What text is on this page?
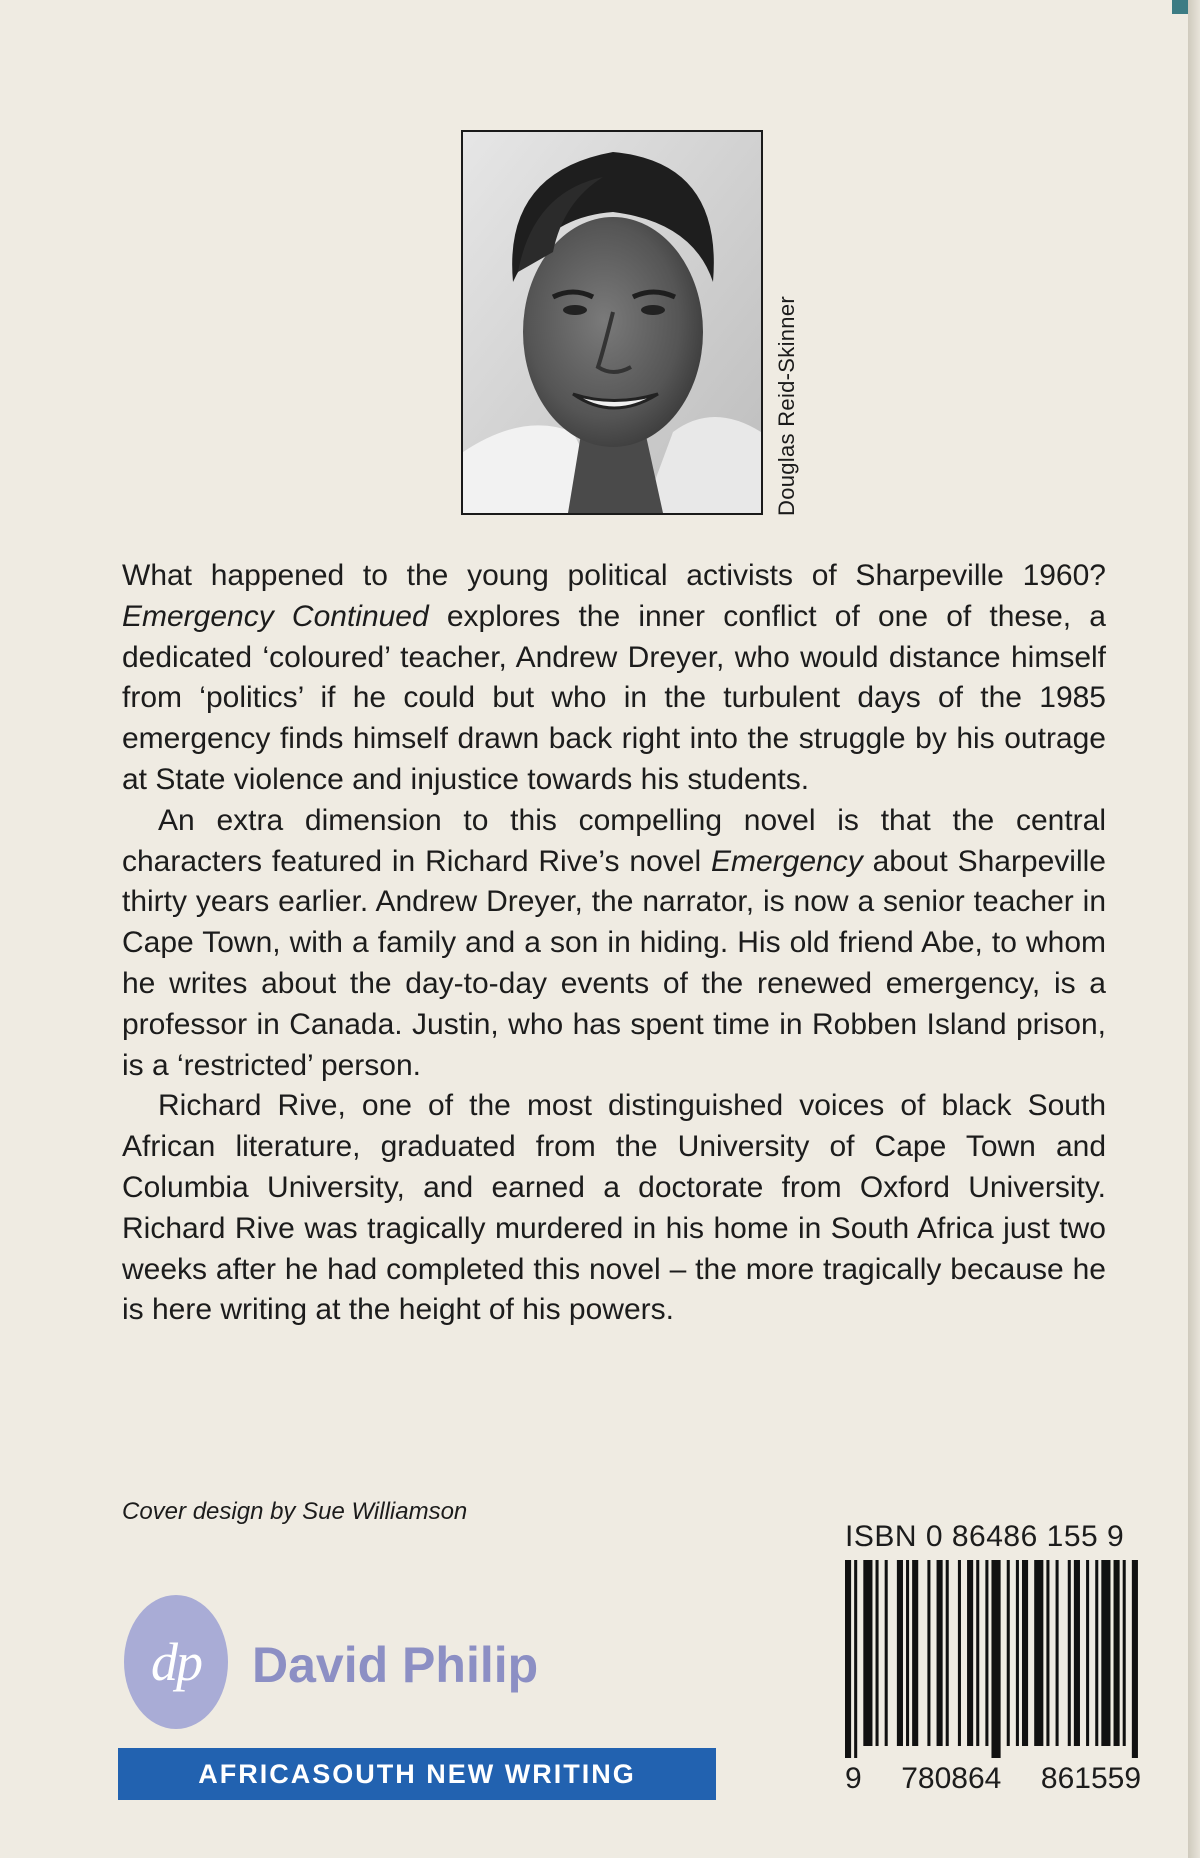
Douglas Reid-Skinner

What happened to the young political activists of Sharpeville 1960? Emergency Continued explores the inner conflict of one of these, a dedicated ‘coloured’ teacher, Andrew Dreyer, who would distance himself from ‘politics’ if he could but who in the turbulent days of the 1985 emergency finds himself drawn back right into the struggle by his outrage at State violence and injustice towards his students.

An extra dimension to this compelling novel is that the central characters featured in Richard Rive’s novel Emergency about Sharpeville thirty years earlier. Andrew Dreyer, the narrator, is now a senior teacher in Cape Town, with a family and a son in hiding. His old friend Abe, to whom he writes about the day-to-day events of the renewed emergency, is a professor in Canada. Justin, who has spent time in Robben Island prison, is a ‘restricted’ person.

Richard Rive, one of the most distinguished voices of black South African literature, graduated from the University of Cape Town and Columbia University, and earned a doctorate from Oxford University. Richard Rive was tragically murdered in his home in South Africa just two weeks after he had completed this novel – the more tragically because he is here writing at the height of his powers.

Cover design by Sue Williamson
ISBN 0 86486 155 9
9 780864 861559
dp David Philip
AFRICASOUTH NEW WRITING
